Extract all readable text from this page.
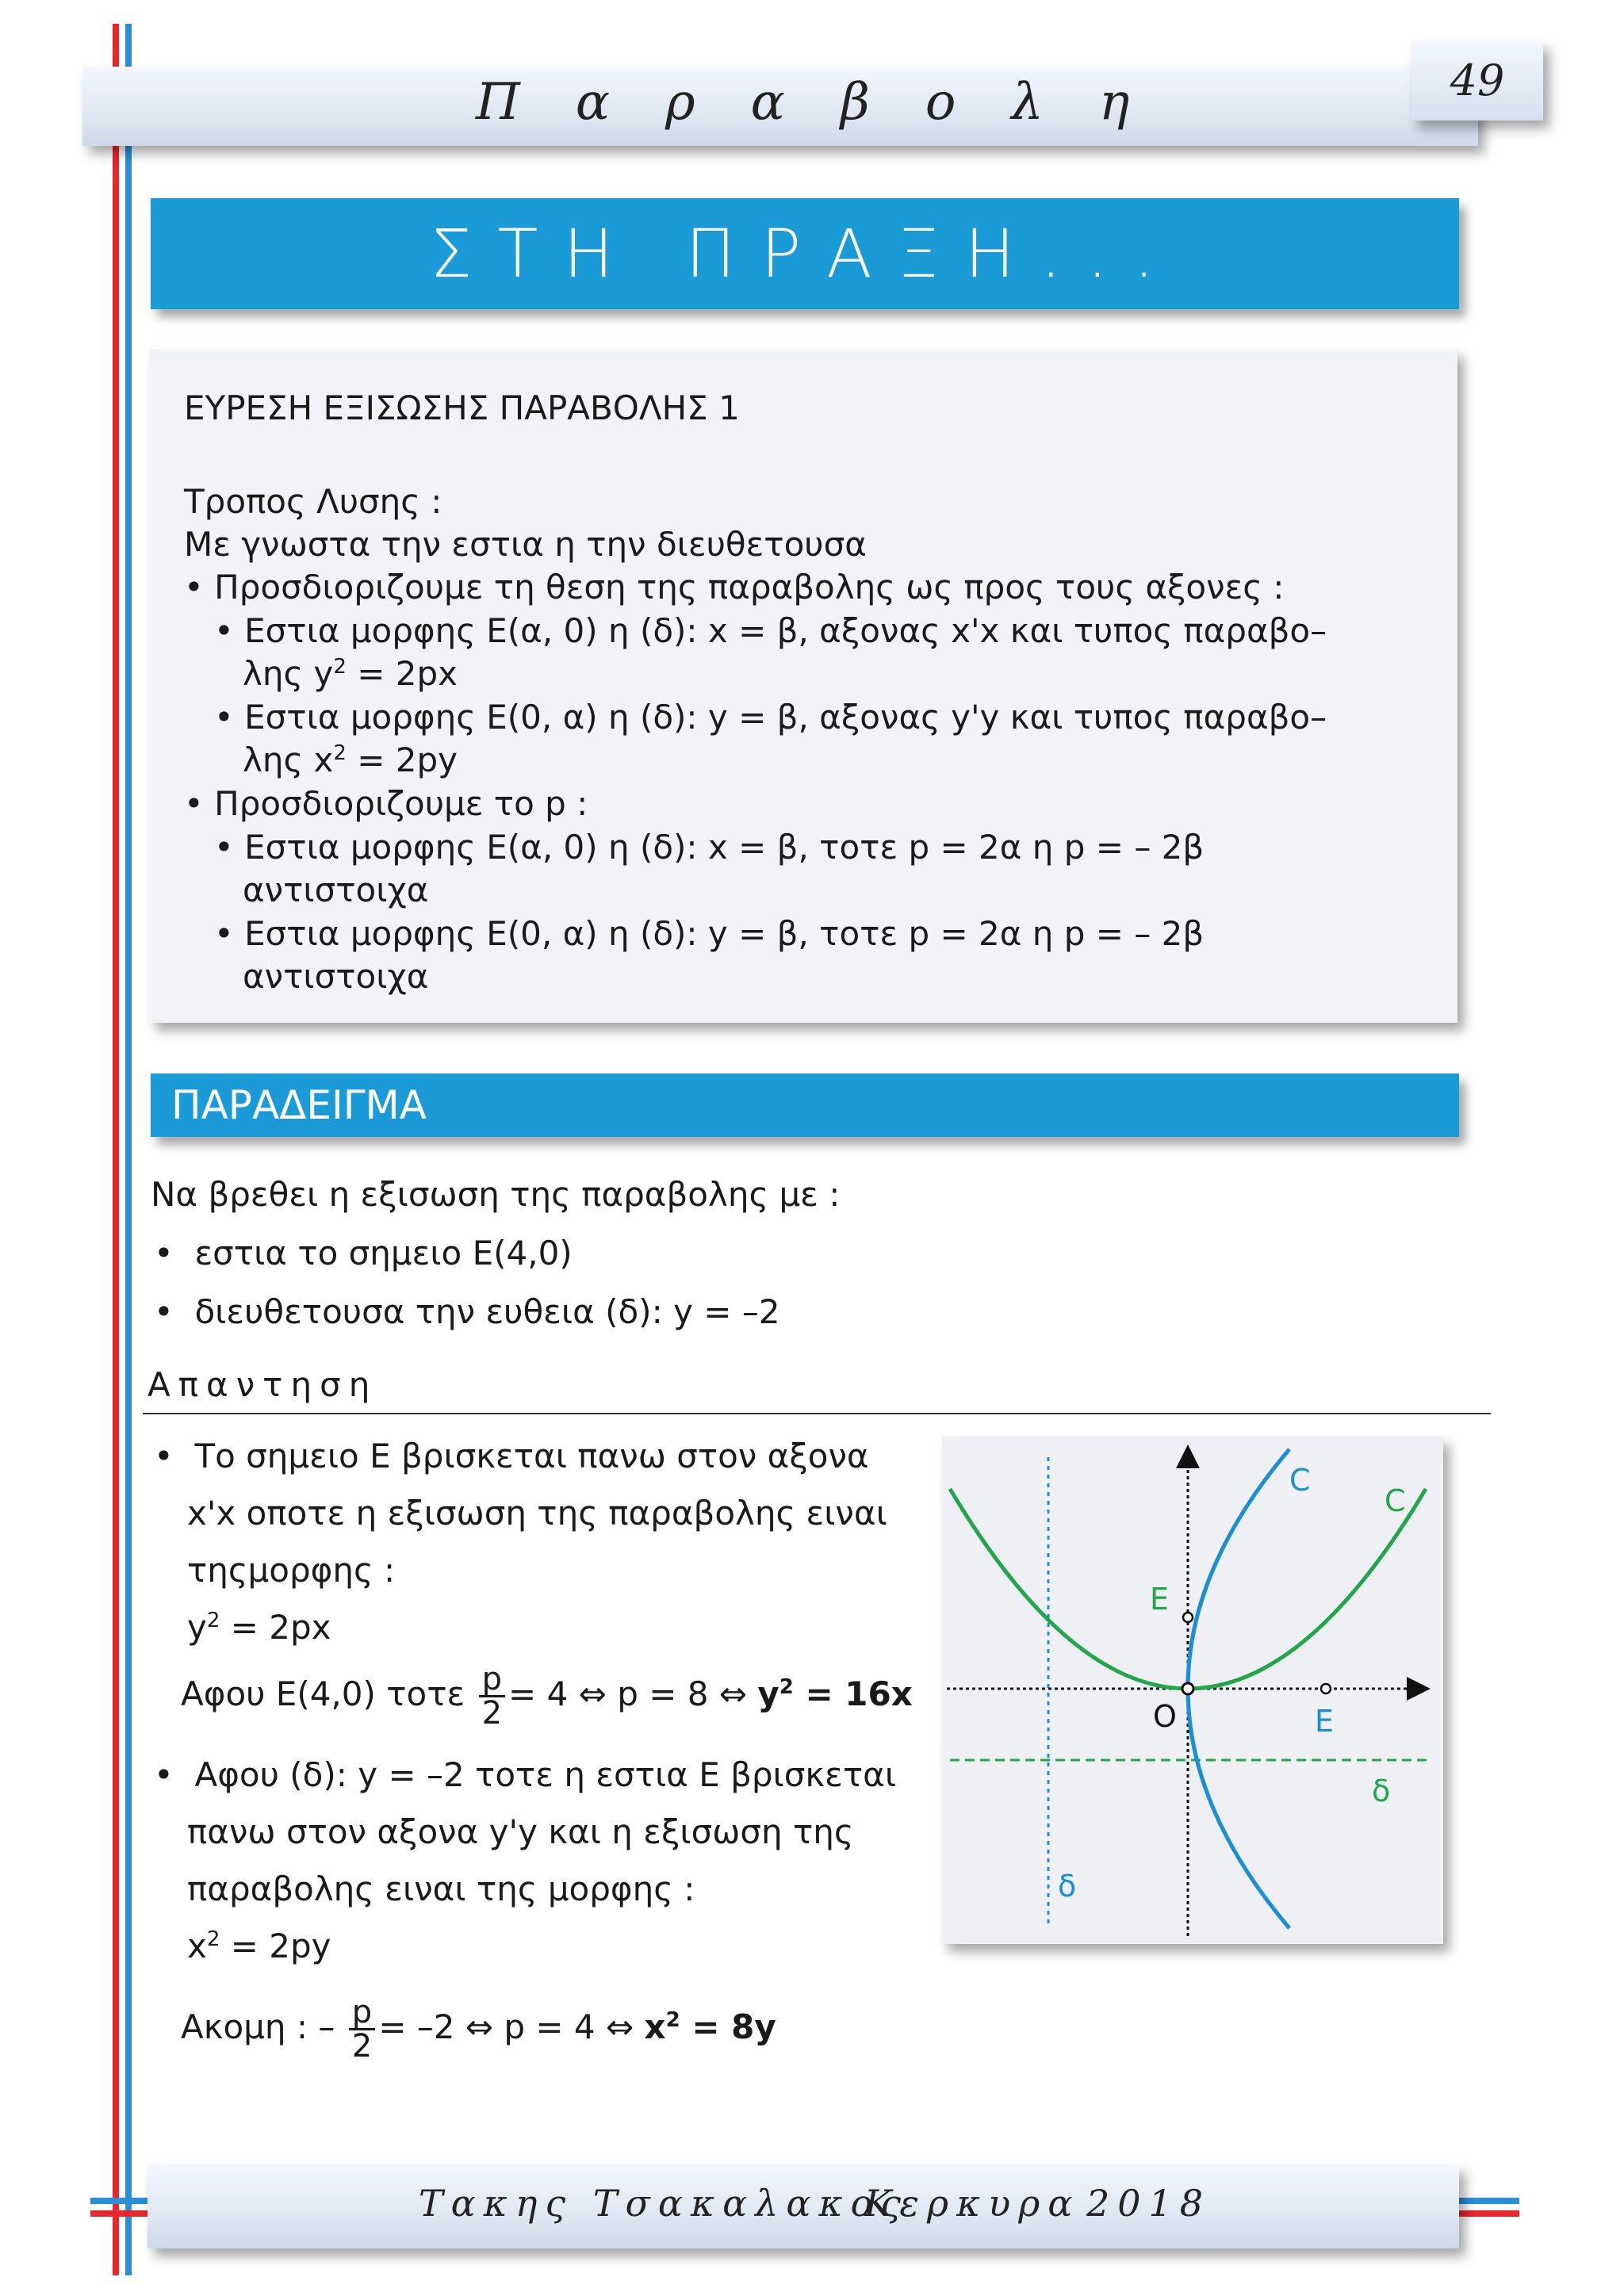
Παραβολη	49
ΣΤΗ ΠΡΑΞΗ...

ΕΥΡΕΣΗ ΕΞΙΣΩΣΗΣ ΠΑΡΑΒΟΛΗΣ 1

Τροπος Λυσης :

Με γνωστα την εστια η την διευθετουσα

• Προσδιοριζουμε τη θεση της παραβολης ως προς τους αξονες :

• Εστια μορφης Ε(α, 0) η (δ): x = β, αξονας x'x και τυπος παραβο–

λης $y^2 = 2px$

• Εστια μορφης Ε(0, α) η (δ): y = β, αξονας y'y και τυπος παραβο–

λης $x^2 = 2py$

• Προσδιοριζουμε το p :

• Εστια μορφης Ε(α, 0) η (δ): x = β, τοτε p = 2α η p = – 2β

αντιστοιχα

• Εστια μορφης Ε(0, α) η (δ): y = β, τοτε p = 2α η p = – 2β

αντιστοιχα

ΠΑΡΑΔΕΙΓΜΑ

Να βρεθει η εξισωση της παραβολης με :

•  εστια το σημειο Ε(4,0)

•  διευθετουσα την ευθεια (δ): y = –2

Απαντηση

•  Το σημειο Ε βρισκεται πανω στον αξονα

x'x οποτε η εξισωση της παραβολης ειναι

τηςμορφης :

$y^2 = 2px$

Αφου Ε(4,0) τοτε $\frac{p}{2} = 4$ ⇔ p = 8 ⇔ $y^2 = 16x$

•  Αφου (δ): y = –2 τοτε η εστια Ε βρισκεται

πανω στον αξονα y'y και η εξισωση της

παραβολης ειναι της μορφης :

$x^2 = 2py$

Ακομη : – $\frac{p}{2} = -2$ ⇔ p = 4 ⇔ $x^2 = 8y$

C
C
Ε
O	Ε
δ
δ
Τακης Τσακαλακος
Κερκυρα 2018
